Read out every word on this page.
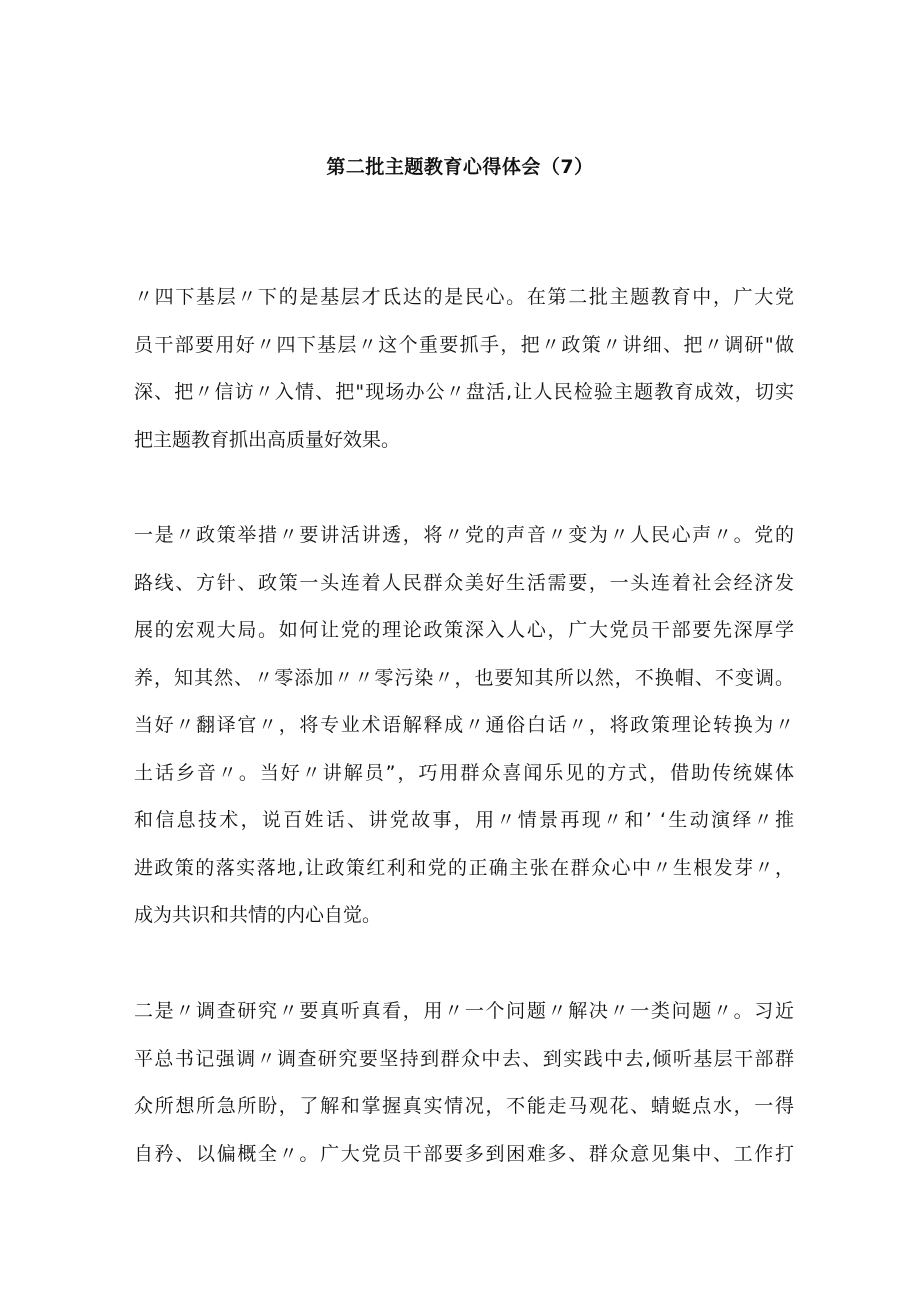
第二批主题教育心得体会（7）
〃四下基层〃下的是基层才氐达的是民心。在第二批主题教育中，广大党
员干部要用好〃四下基层〃这个重要抓手，把〃政策〃讲细、把〃调研"做
深、把〃信访〃入情、把"现场办公〃盘活,让人民检验主题教育成效，切实
把主题教育抓出高质量好效果。
一是〃政策举措〃要讲活讲透，将〃党的声音〃变为〃人民心声〃。党的
路线、方针、政策一头连着人民群众美好生活需要，一头连着社会经济发
展的宏观大局。如何让党的理论政策深入人心，广大党员干部要先深厚学
养，知其然、〃零添加〃〃零污染〃，也要知其所以然，不换帽、不变调。
当好〃翻译官〃，将专业术语解释成〃通俗白话〃，将政策理论转换为〃
土话乡音〃。当好〃讲解员”，巧用群众喜闻乐见的方式，借助传统媒体
和信息技术，说百姓话、讲党故事，用〃情景再现〃和’ ‘生动演绎〃推
进政策的落实落地,让政策红利和党的正确主张在群众心中〃生根发芽〃，
成为共识和共情的内心自觉。
二是〃调查研究〃要真听真看，用〃一个问题〃解决〃一类问题〃。习近
平总书记强调〃调查研究要坚持到群众中去、到实践中去,倾听基层干部群
众所想所急所盼，了解和掌握真实情况，不能走马观花、蜻蜓点水，一得
自矜、以偏概全〃。广大党员干部要多到困难多、群众意见集中、工作打
